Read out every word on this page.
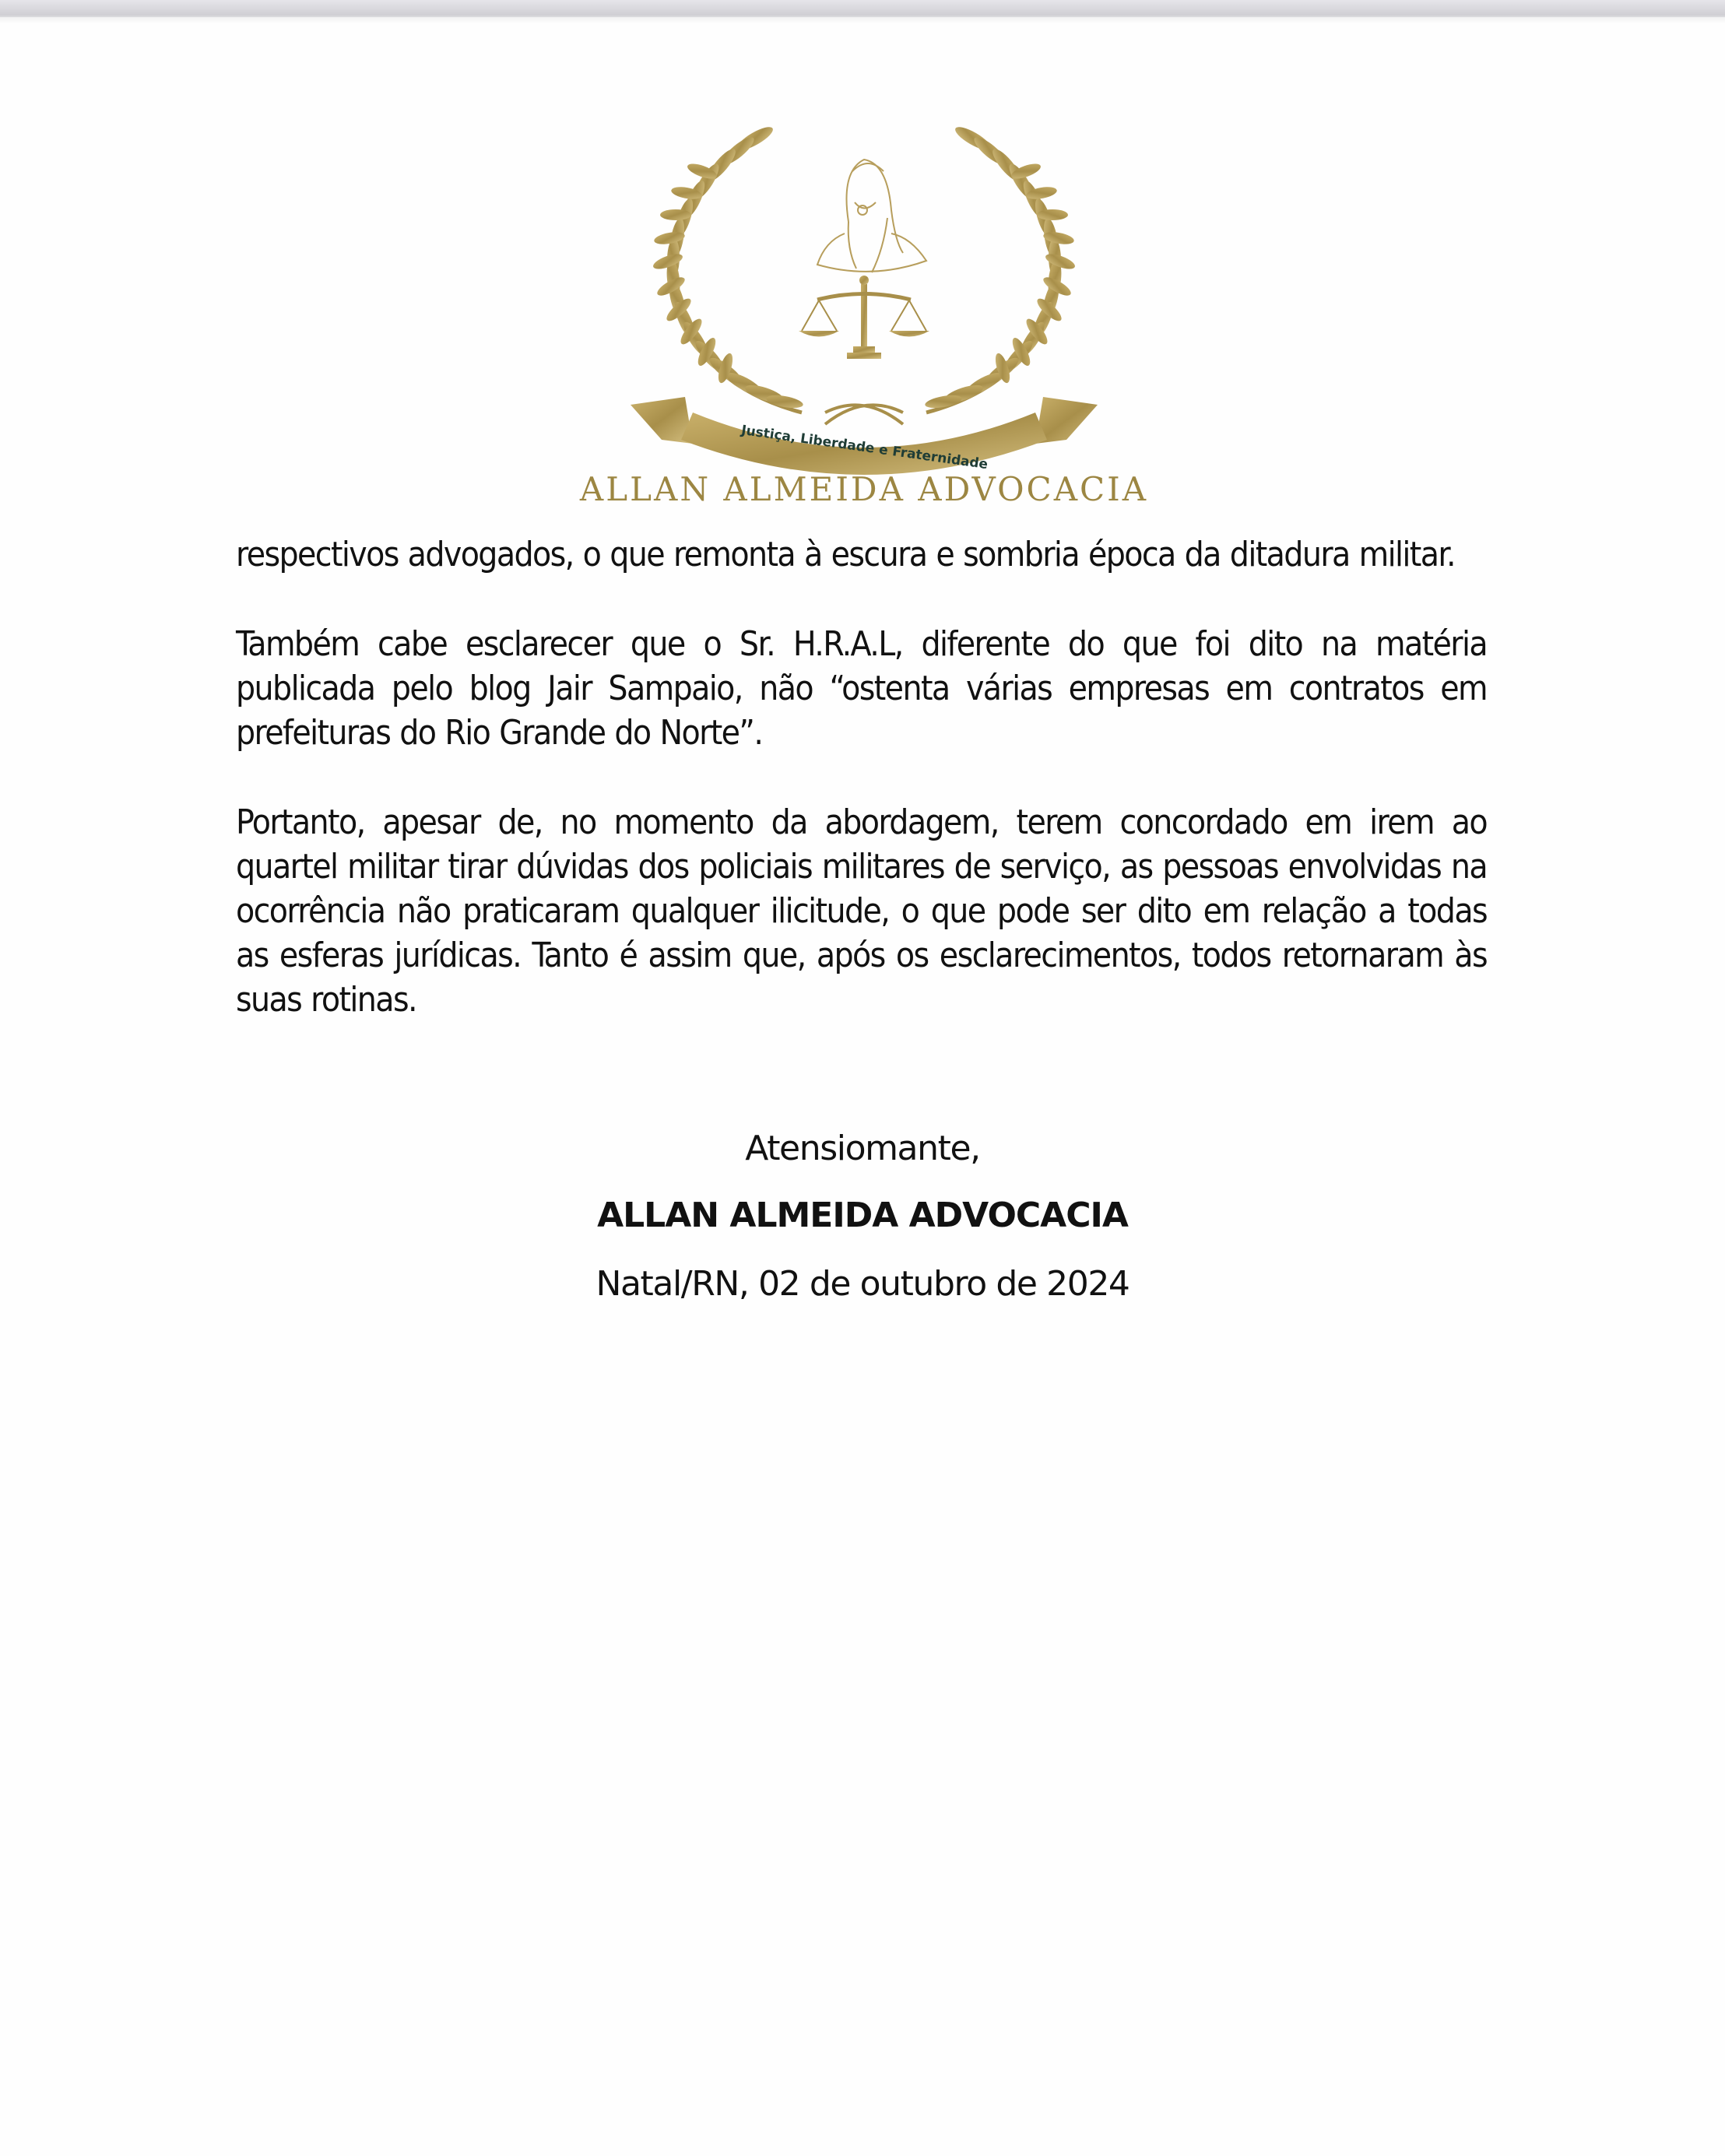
Justiça, Liberdade e Fraternidade
ALLAN ALMEIDA ADVOCACIA

respectivos advogados, o que remonta à escura e sombria época da ditadura militar.

Também cabe esclarecer que o Sr. H.R.A.L, diferente do que foi dito na matéria publicada pelo blog Jair Sampaio, não “ostenta várias empresas em contratos em prefeituras do Rio Grande do Norte”.

Portanto, apesar de, no momento da abordagem, terem concordado em irem ao quartel militar tirar dúvidas dos policiais militares de serviço, as pessoas envolvidas na ocorrência não praticaram qualquer ilicitude, o que pode ser dito em relação a todas as esferas jurídicas. Tanto é assim que, após os esclarecimentos, todos retornaram às suas rotinas.

Atensiomante,
ALLAN ALMEIDA ADVOCACIA
Natal/RN, 02 de outubro de 2024
